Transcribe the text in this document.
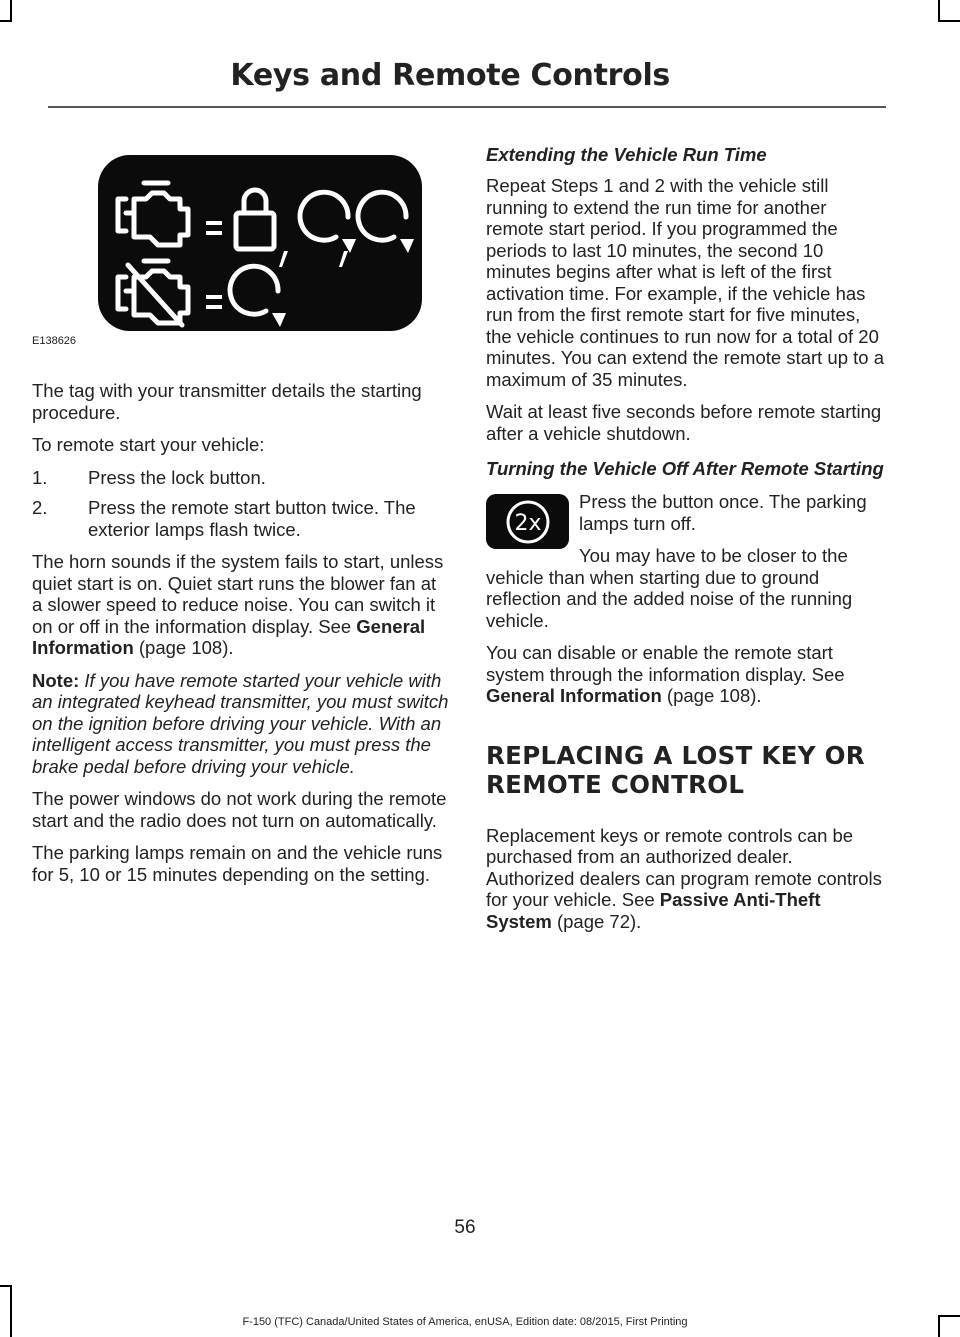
Keys and Remote Controls
E138626

The tag with your transmitter details the starting procedure.

To remote start your vehicle:

1. Press the lock button.
2. Press the remote start button twice. The exterior lamps flash twice.

The horn sounds if the system fails to start, unless quiet start is on. Quiet start runs the blower fan at a slower speed to reduce noise. You can switch it on or off in the information display. See General Information (page 108).

Note: If you have remote started your vehicle with an integrated keyhead transmitter, you must switch on the ignition before driving your vehicle. With an intelligent access transmitter, you must press the brake pedal before driving your vehicle.

The power windows do not work during the remote start and the radio does not turn on automatically.

The parking lamps remain on and the vehicle runs for 5, 10 or 15 minutes depending on the setting.

Extending the Vehicle Run Time

Repeat Steps 1 and 2 with the vehicle still running to extend the run time for another remote start period. If you programmed the periods to last 10 minutes, the second 10 minutes begins after what is left of the first activation time. For example, if the vehicle has run from the first remote start for five minutes, the vehicle continues to run now for a total of 20 minutes. You can extend the remote start up to a maximum of 35 minutes.

Wait at least five seconds before remote starting after a vehicle shutdown.

Turning the Vehicle Off After Remote Starting
2x

Press the button once. The parking lamps turn off.

You may have to be closer to the vehicle than when starting due to ground reflection and the added noise of the running vehicle.

You can disable or enable the remote start system through the information display. See General Information (page 108).

REPLACING A LOST KEY OR
REMOTE CONTROL

Replacement keys or remote controls can be purchased from an authorized dealer. Authorized dealers can program remote controls for your vehicle. See Passive Anti-Theft System (page 72).

56
F-150 (TFC) Canada/United States of America, enUSA, Edition date: 08/2015, First Printing
